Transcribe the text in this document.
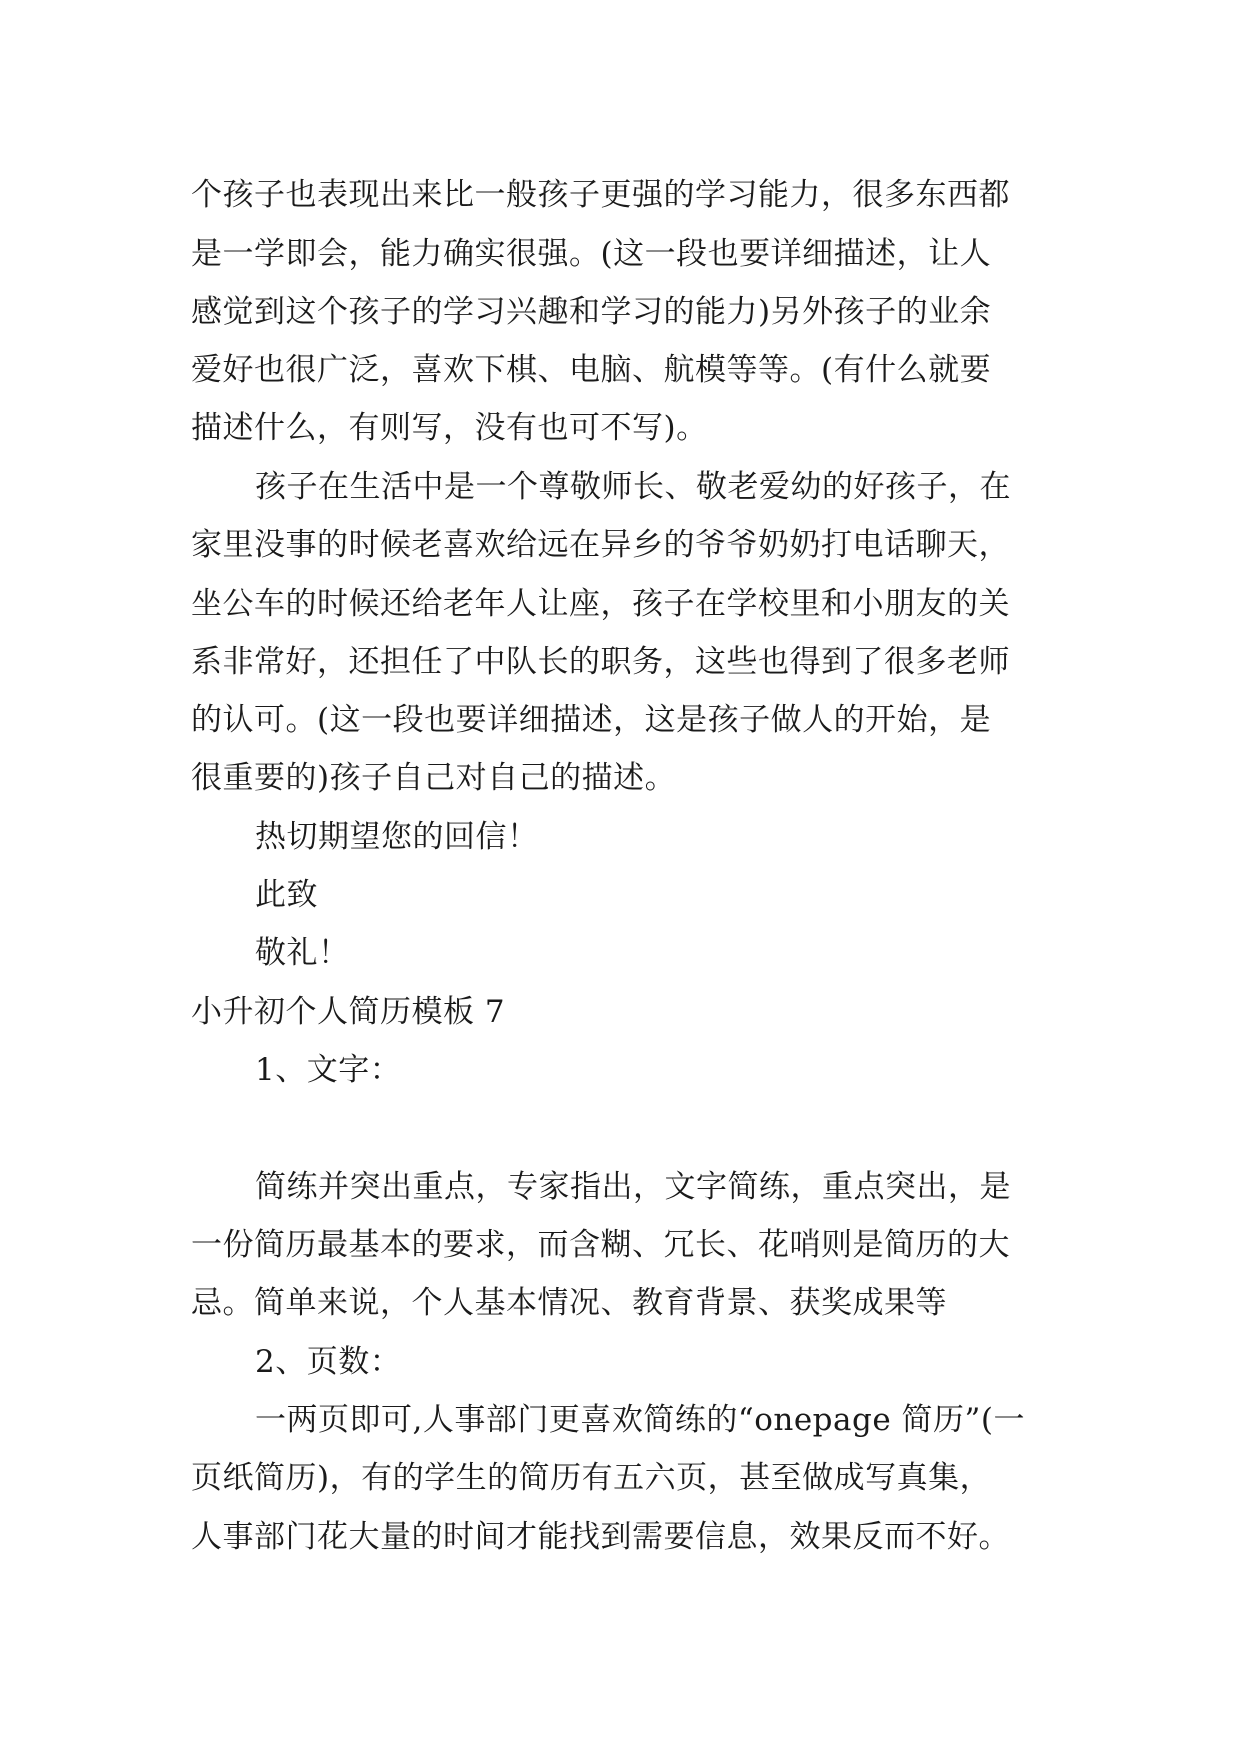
个孩子也表现出来比一般孩子更强的学习能力，很多东西都
是一学即会，能力确实很强。(这一段也要详细描述，让人
感觉到这个孩子的学习兴趣和学习的能力)另外孩子的业余
爱好也很广泛，喜欢下棋、电脑、航模等等。(有什么就要
描述什么，有则写，没有也可不写)。
孩子在生活中是一个尊敬师长、敬老爱幼的好孩子，在
家里没事的时候老喜欢给远在异乡的爷爷奶奶打电话聊天，
坐公车的时候还给老年人让座，孩子在学校里和小朋友的关
系非常好，还担任了中队长的职务，这些也得到了很多老师
的认可。(这一段也要详细描述，这是孩子做人的开始，是
很重要的)孩子自己对自己的描述。
热切期望您的回信！
此致
敬礼！
小升初个人简历模板 7
1、文字：
简练并突出重点，专家指出，文字简练，重点突出，是
一份简历最基本的要求，而含糊、冗长、花哨则是简历的大
忌。简单来说，个人基本情况、教育背景、获奖成果等
2、页数：
一两页即可,人事部门更喜欢简练的“onepage 简历”(一
页纸简历)，有的学生的简历有五六页，甚至做成写真集，
人事部门花大量的时间才能找到需要信息，效果反而不好。
